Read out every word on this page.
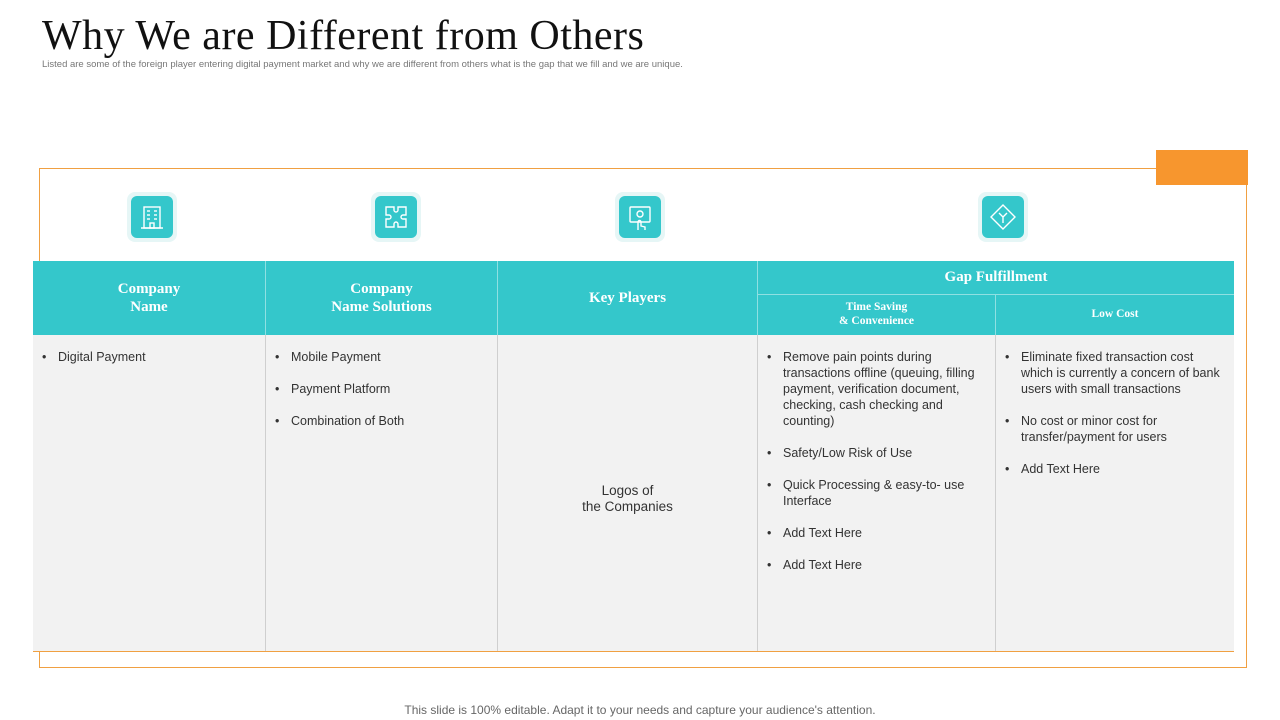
Why We are Different from Others
Listed are some of the foreign player entering digital payment market and why we are different from others what is the gap that we fill and we are unique.
Company
Name
Company
Name Solutions
Key Players
Gap Fulfillment
Time Saving
& Convenience
Low Cost
• Digital Payment
•	Mobile Payment
• Payment Platform
• Combination of Both
Logos of
the Companies
• Remove pain points during transactions offline (queuing, filling payment, verification document, checking, cash checking and counting)
• Safety/Low Risk of Use
• Quick Processing & easy-to- use Interface
• Add Text Here
• Add Text Here
• Eliminate fixed transaction cost which is currently a concern of bank users with small transactions
• No cost or minor cost for transfer/payment for users
• Add Text Here
This slide is 100% editable. Adapt it to your needs and capture your audience's attention.
